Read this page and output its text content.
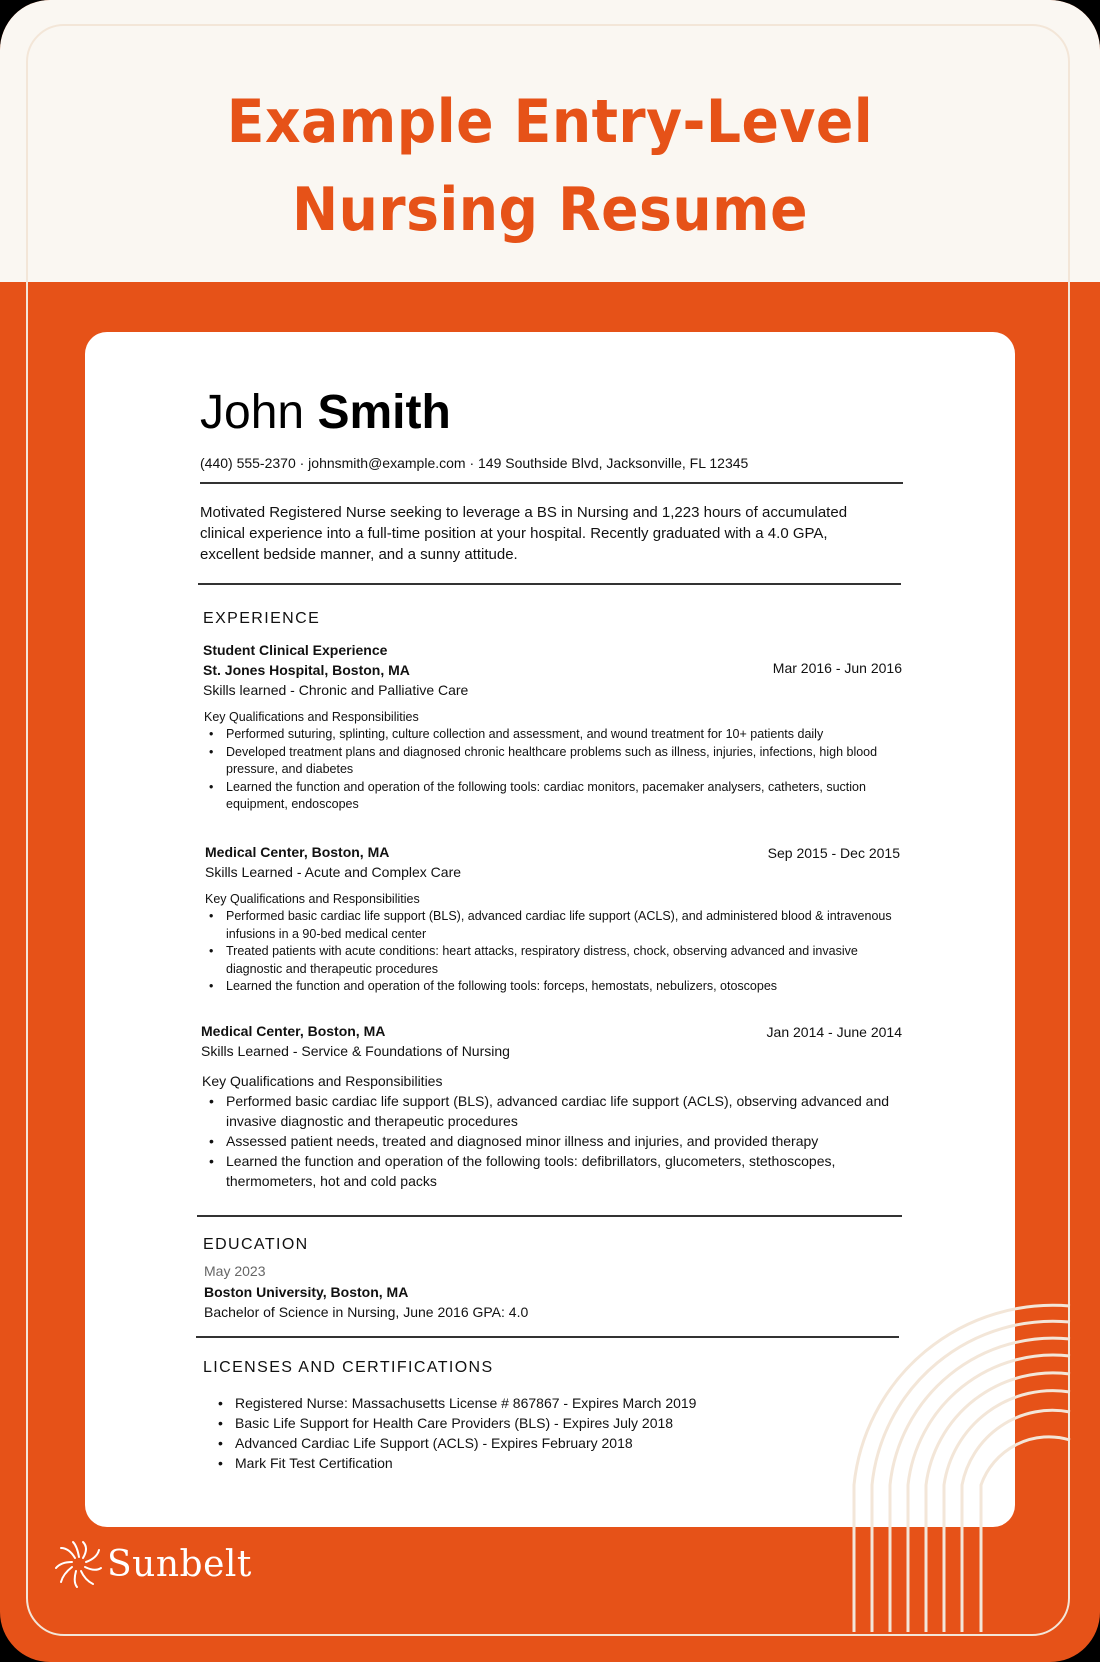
Example Entry-Level
Nursing Resume
John Smith
(440) 555-2370 · johnsmith@example.com · 149 Southside Blvd, Jacksonville, FL 12345
Motivated Registered Nurse seeking to leverage a BS in Nursing and 1,223 hours of accumulated clinical experience into a full-time position at your hospital. Recently graduated with a 4.0 GPA, excellent bedside manner, and a sunny attitude.
EXPERIENCE
Student Clinical Experience
St. Jones Hospital, Boston, MA	Mar 2016 - Jun 2016
Skills learned - Chronic and Palliative Care
Key Qualifications and Responsibilities
• Performed suturing, splinting, culture collection and assessment, and wound treatment for 10+ patients daily
• Developed treatment plans and diagnosed chronic healthcare problems such as illness, injuries, infections, high blood pressure, and diabetes
• Learned the function and operation of the following tools: cardiac monitors, pacemaker analysers, catheters, suction equipment, endoscopes
Medical Center, Boston, MA	Sep 2015 - Dec 2015
Skills Learned - Acute and Complex Care
Key Qualifications and Responsibilities
• Performed basic cardiac life support (BLS), advanced cardiac life support (ACLS), and administered blood & intravenous infusions in a 90-bed medical center
• Treated patients with acute conditions: heart attacks, respiratory distress, chock, observing advanced and invasive diagnostic and therapeutic procedures
• Learned the function and operation of the following tools: forceps, hemostats, nebulizers, otoscopes
Medical Center, Boston, MA	Jan 2014 - June 2014
Skills Learned - Service & Foundations of Nursing
Key Qualifications and Responsibilities
• Performed basic cardiac life support (BLS), advanced cardiac life support (ACLS), observing advanced and invasive diagnostic and therapeutic procedures
• Assessed patient needs, treated and diagnosed minor illness and injuries, and provided therapy
• Learned the function and operation of the following tools: defibrillators, glucometers, stethoscopes, thermometers, hot and cold packs
EDUCATION
May 2023
Boston University, Boston, MA
Bachelor of Science in Nursing, June 2016 GPA: 4.0
LICENSES AND CERTIFICATIONS
• Registered Nurse: Massachusetts License # 867867 - Expires March 2019
• Basic Life Support for Health Care Providers (BLS) - Expires July 2018
• Advanced Cardiac Life Support (ACLS) - Expires February 2018
• Mark Fit Test Certification
Sunbelt
